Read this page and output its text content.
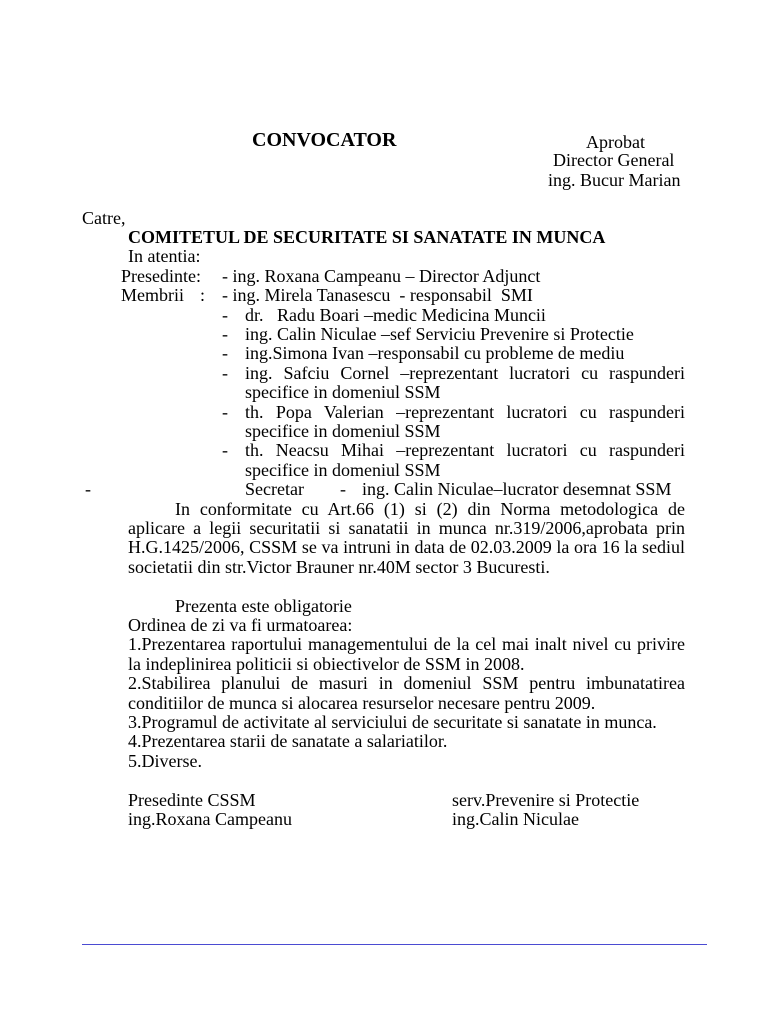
CONVOCATOR	Aprobat
Director General
ing. Bucur Marian
Catre,
COMITETUL DE SECURITATE SI SANATATE IN MUNCA
In atentia:
Presedinte: - ing. Roxana Campeanu – Director Adjunct
Membrii : - ing. Mirela Tanasescu  - responsabil  SMI
- dr.   Radu Boari –medic Medicina Muncii
- ing. Calin Niculae –sef Serviciu Prevenire si Protectie
- ing.Simona Ivan –responsabil cu probleme de mediu
- ing. Safciu Cornel –reprezentant lucratori cu raspunderi
specifice in domeniul SSM
- th. Popa Valerian –reprezentant lucratori cu raspunderi
specifice in domeniul SSM
- th. Neacsu Mihai –reprezentant lucratori cu raspunderi
specifice in domeniul SSM
-	Secretar - ing. Calin Niculae–lucrator desemnat SSM
In conformitate cu Art.66 (1) si (2) din Norma metodologica de
aplicare a legii securitatii si sanatatii in munca nr.319/2006,aprobata prin
H.G.1425/2006, CSSM se va intruni in data de 02.03.2009 la ora 16 la sediul
societatii din str.Victor Brauner nr.40M sector 3 Bucuresti.
Prezenta este obligatorie
Ordinea de zi va fi urmatoarea:
1.Prezentarea raportului managementului de la cel mai inalt nivel cu privire
la indeplinirea politicii si obiectivelor de SSM in 2008.
2.Stabilirea planului de masuri in domeniul SSM pentru imbunatatirea
conditiilor de munca si alocarea resurselor necesare pentru 2009.
3.Programul de activitate al serviciului de securitate si sanatate in munca.
4.Prezentarea starii de sanatate a salariatilor.
5.Diverse.
Presedinte CSSM	serv.Prevenire si Protectie
ing.Roxana Campeanu	ing.Calin Niculae
